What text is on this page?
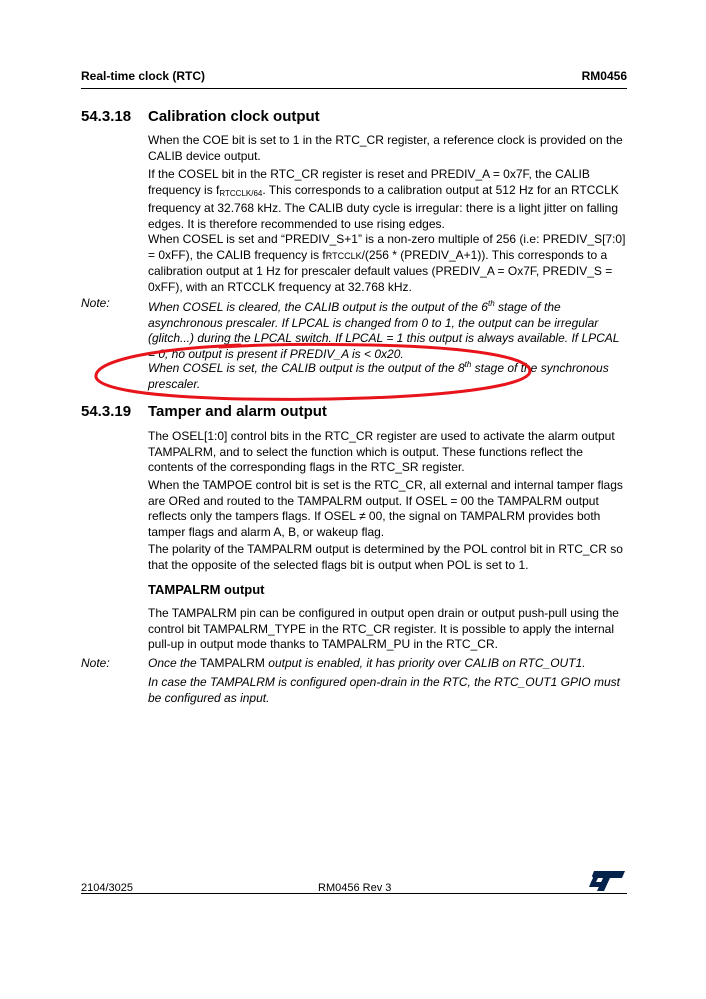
Real-time clock (RTC)	RM0456
54.3.18 Calibration clock output

When the COE bit is set to 1 in the RTC_CR register, a reference clock is provided on the CALIB device output.

If the COSEL bit in the RTC_CR register is reset and PREDIV_A = 0x7F, the CALIB frequency is $f_{RTCCLK/64}$. This corresponds to a calibration output at 512 Hz for an RTCCLK frequency at 32.768 kHz. The CALIB duty cycle is irregular: there is a light jitter on falling edges. It is therefore recommended to use rising edges.

When COSEL is set and “PREDIV_S+1” is a non-zero multiple of 256 (i.e: PREDIV_S[7:0] = 0xFF), the CALIB frequency is fRTCCLK/(256 * (PREDIV_A+1)). This corresponds to a calibration output at 1 Hz for prescaler default values (PREDIV_A = Ox7F, PREDIV_S = 0xFF), with an RTCCLK frequency at 32.768 kHz.

Note:	When COSEL is cleared, the CALIB output is the output of the 6th stage of the asynchronous prescaler. If LPCAL is changed from 0 to 1, the output can be irregular (glitch...) during the LPCAL switch. If LPCAL = 1 this output is always available. If LPCAL = 0, no output is present if PREDIV_A is < 0x20.

When COSEL is set, the CALIB output is the output of the 8th stage of the synchronous prescaler.

54.3.19 Tamper and alarm output

The OSEL[1:0] control bits in the RTC_CR register are used to activate the alarm output TAMPALRM, and to select the function which is output. These functions reflect the contents of the corresponding flags in the RTC_SR register.

When the TAMPOE control bit is set is the RTC_CR, all external and internal tamper flags are ORed and routed to the TAMPALRM output. If OSEL = 00 the TAMPALRM output reflects only the tampers flags. If OSEL ≠ 00, the signal on TAMPALRM provides both tamper flags and alarm A, B, or wakeup flag.

The polarity of the TAMPALRM output is determined by the POL control bit in RTC_CR so that the opposite of the selected flags bit is output when POL is set to 1.

TAMPALRM output

The TAMPALRM pin can be configured in output open drain or output push-pull using the control bit TAMPALRM_TYPE in the RTC_CR register. It is possible to apply the internal pull-up in output mode thanks to TAMPALRM_PU in the RTC_CR.

Note:	Once the TAMPALRM output is enabled, it has priority over CALIB on RTC_OUT1.

In case the TAMPALRM is configured open-drain in the RTC, the RTC_OUT1 GPIO must be configured as input.

2104/3025	RM0456 Rev 3
